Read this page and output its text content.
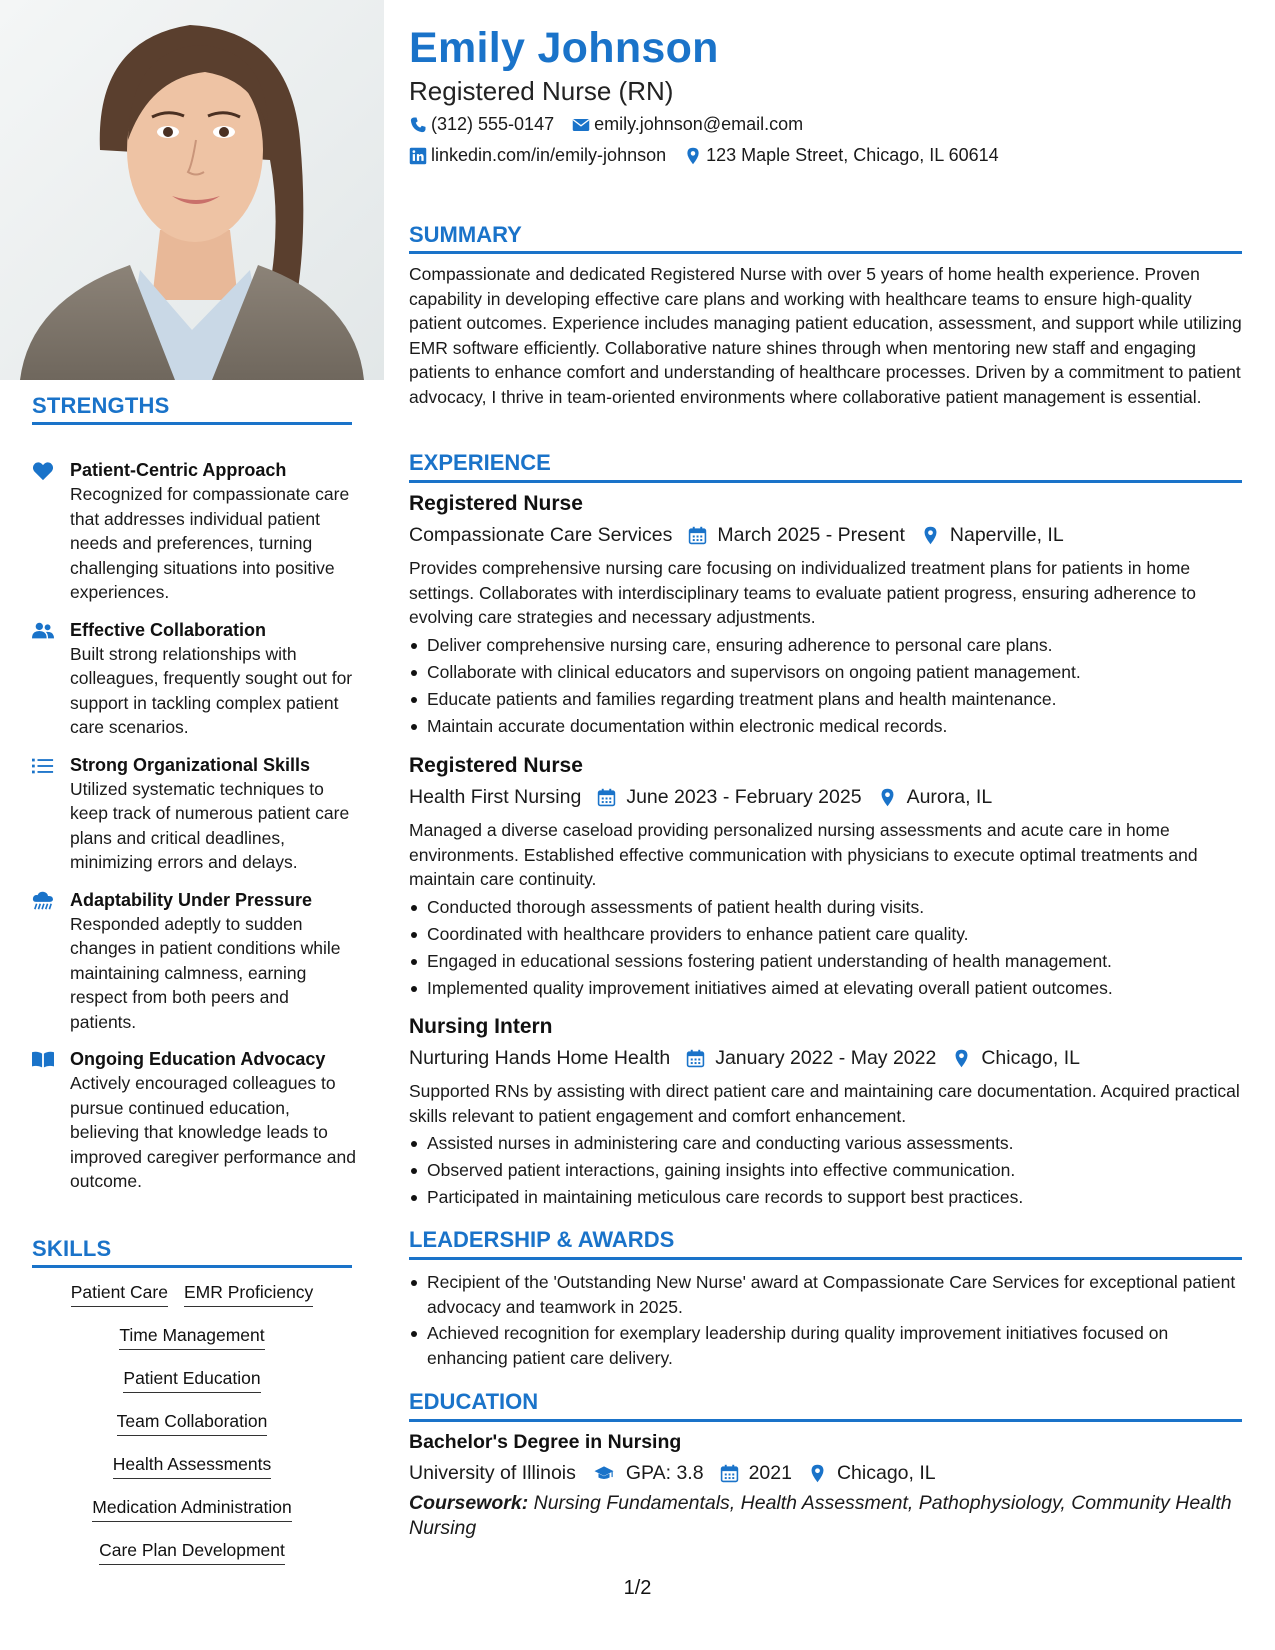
STRENGTHS
Patient-Centric Approach
Recognized for compassionate care that addresses individual patient needs and preferences, turning challenging situations into positive experiences.
Effective Collaboration
Built strong relationships with colleagues, frequently sought out for support in tackling complex patient care scenarios.
Strong Organizational Skills
Utilized systematic techniques to keep track of numerous patient care plans and critical deadlines, minimizing errors and delays.
Adaptability Under Pressure
Responded adeptly to sudden changes in patient conditions while maintaining calmness, earning respect from both peers and patients.
Ongoing Education Advocacy
Actively encouraged colleagues to pursue continued education, believing that knowledge leads to improved caregiver performance and outcome.
SKILLS
Patient Care EMR Proficiency
Time Management
Patient Education
Team Collaboration
Health Assessments
Medication Administration
Care Plan Development
Emily Johnson
Registered Nurse (RN)
(312) 555-0147 emily.johnson@email.com
linkedin.com/in/emily-johnson 123 Maple Street, Chicago, IL 60614
SUMMARY
Compassionate and dedicated Registered Nurse with over 5 years of home health experience. Proven capability in developing effective care plans and working with healthcare teams to ensure high-quality patient outcomes. Experience includes managing patient education, assessment, and support while utilizing EMR software efficiently. Collaborative nature shines through when mentoring new staff and engaging patients to enhance comfort and understanding of healthcare processes. Driven by a commitment to patient advocacy, I thrive in team-oriented environments where collaborative patient management is essential.
EXPERIENCE
Registered Nurse
Compassionate Care Services March 2025 - Present Naperville, IL
Provides comprehensive nursing care focusing on individualized treatment plans for patients in home settings. Collaborates with interdisciplinary teams to evaluate patient progress, ensuring adherence to evolving care strategies and necessary adjustments.
Deliver comprehensive nursing care, ensuring adherence to personal care plans.
Collaborate with clinical educators and supervisors on ongoing patient management.
Educate patients and families regarding treatment plans and health maintenance.
Maintain accurate documentation within electronic medical records.
Registered Nurse
Health First Nursing June 2023 - February 2025 Aurora, IL
Managed a diverse caseload providing personalized nursing assessments and acute care in home environments. Established effective communication with physicians to execute optimal treatments and maintain care continuity.
Conducted thorough assessments of patient health during visits.
Coordinated with healthcare providers to enhance patient care quality.
Engaged in educational sessions fostering patient understanding of health management.
Implemented quality improvement initiatives aimed at elevating overall patient outcomes.
Nursing Intern
Nurturing Hands Home Health January 2022 - May 2022 Chicago, IL
Supported RNs by assisting with direct patient care and maintaining care documentation. Acquired practical skills relevant to patient engagement and comfort enhancement.
Assisted nurses in administering care and conducting various assessments.
Observed patient interactions, gaining insights into effective communication.
Participated in maintaining meticulous care records to support best practices.
LEADERSHIP & AWARDS
Recipient of the 'Outstanding New Nurse' award at Compassionate Care Services for exceptional patient advocacy and teamwork in 2025.
Achieved recognition for exemplary leadership during quality improvement initiatives focused on enhancing patient care delivery.
EDUCATION
Bachelor's Degree in Nursing
University of Illinois	GPA: 3.8 2021 Chicago, IL
Coursework: Nursing Fundamentals, Health Assessment, Pathophysiology, Community Health Nursing
1/2
